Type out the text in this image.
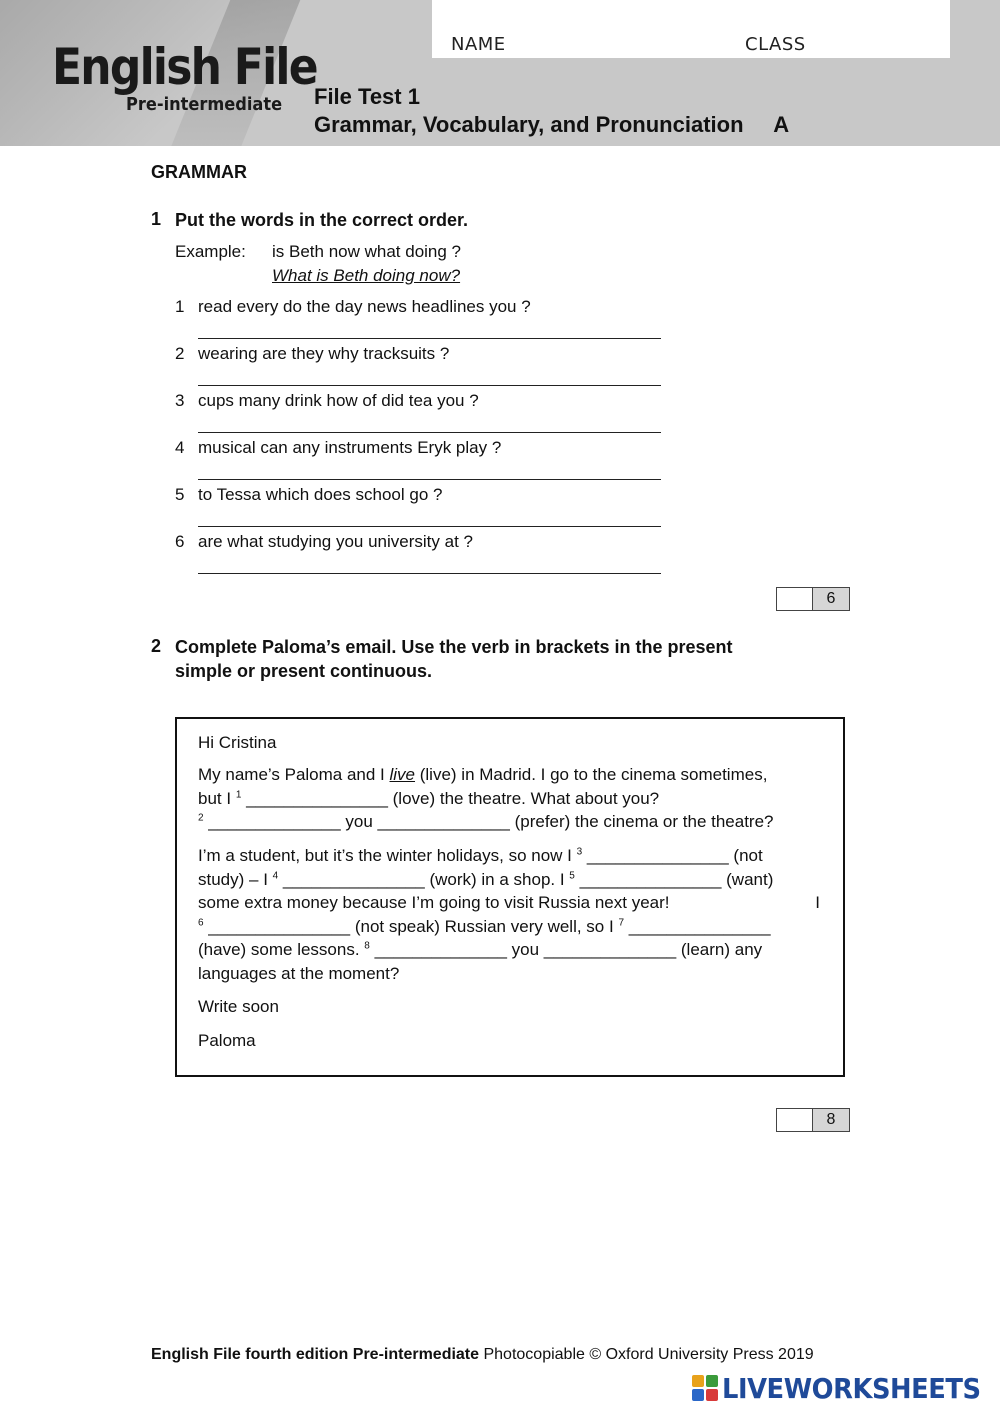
NAME	CLASS
English File
Pre-intermediate File Test 1
Grammar, Vocabulary, and Pronunciation     A
GRAMMAR
1 Put the words in the correct order.
Example: is Beth now what doing ?
What is Beth doing now?
1 read every do the day news headlines you ?
2 wearing are they why tracksuits ?
3 cups many drink how of did tea you ?
4 musical can any instruments Eryk play ?
5 to Tessa which does school go ?
6 are what studying you university at ?
6
2 Complete Paloma’s email. Use the verb in brackets in the present
simple or present continuous.
Hi Cristina
My name’s Paloma and I live (live) in Madrid. I go to the cinema sometimes,
but I $^1$ _______________ (love) the theatre. What about you?
$^2$ ______________ you ______________ (prefer) the cinema or the theatre?
I’m a student, but it’s the winter holidays, so now I $^3$ _______________ (not
study) – I $^4$ _______________ (work) in a shop. I $^5$ _______________ (want)
some extra money because I’m going to visit Russia next year!	I

$^6$ _______________ (not speak) Russian very well, so I $^7$ _______________
(have) some lessons. $^8$ ______________ you ______________ (learn) any
languages at the moment?
Write soon
Paloma
8
English File fourth edition Pre-intermediate Photocopiable © Oxford University Press 2019
LIVEWORKSHEETS
